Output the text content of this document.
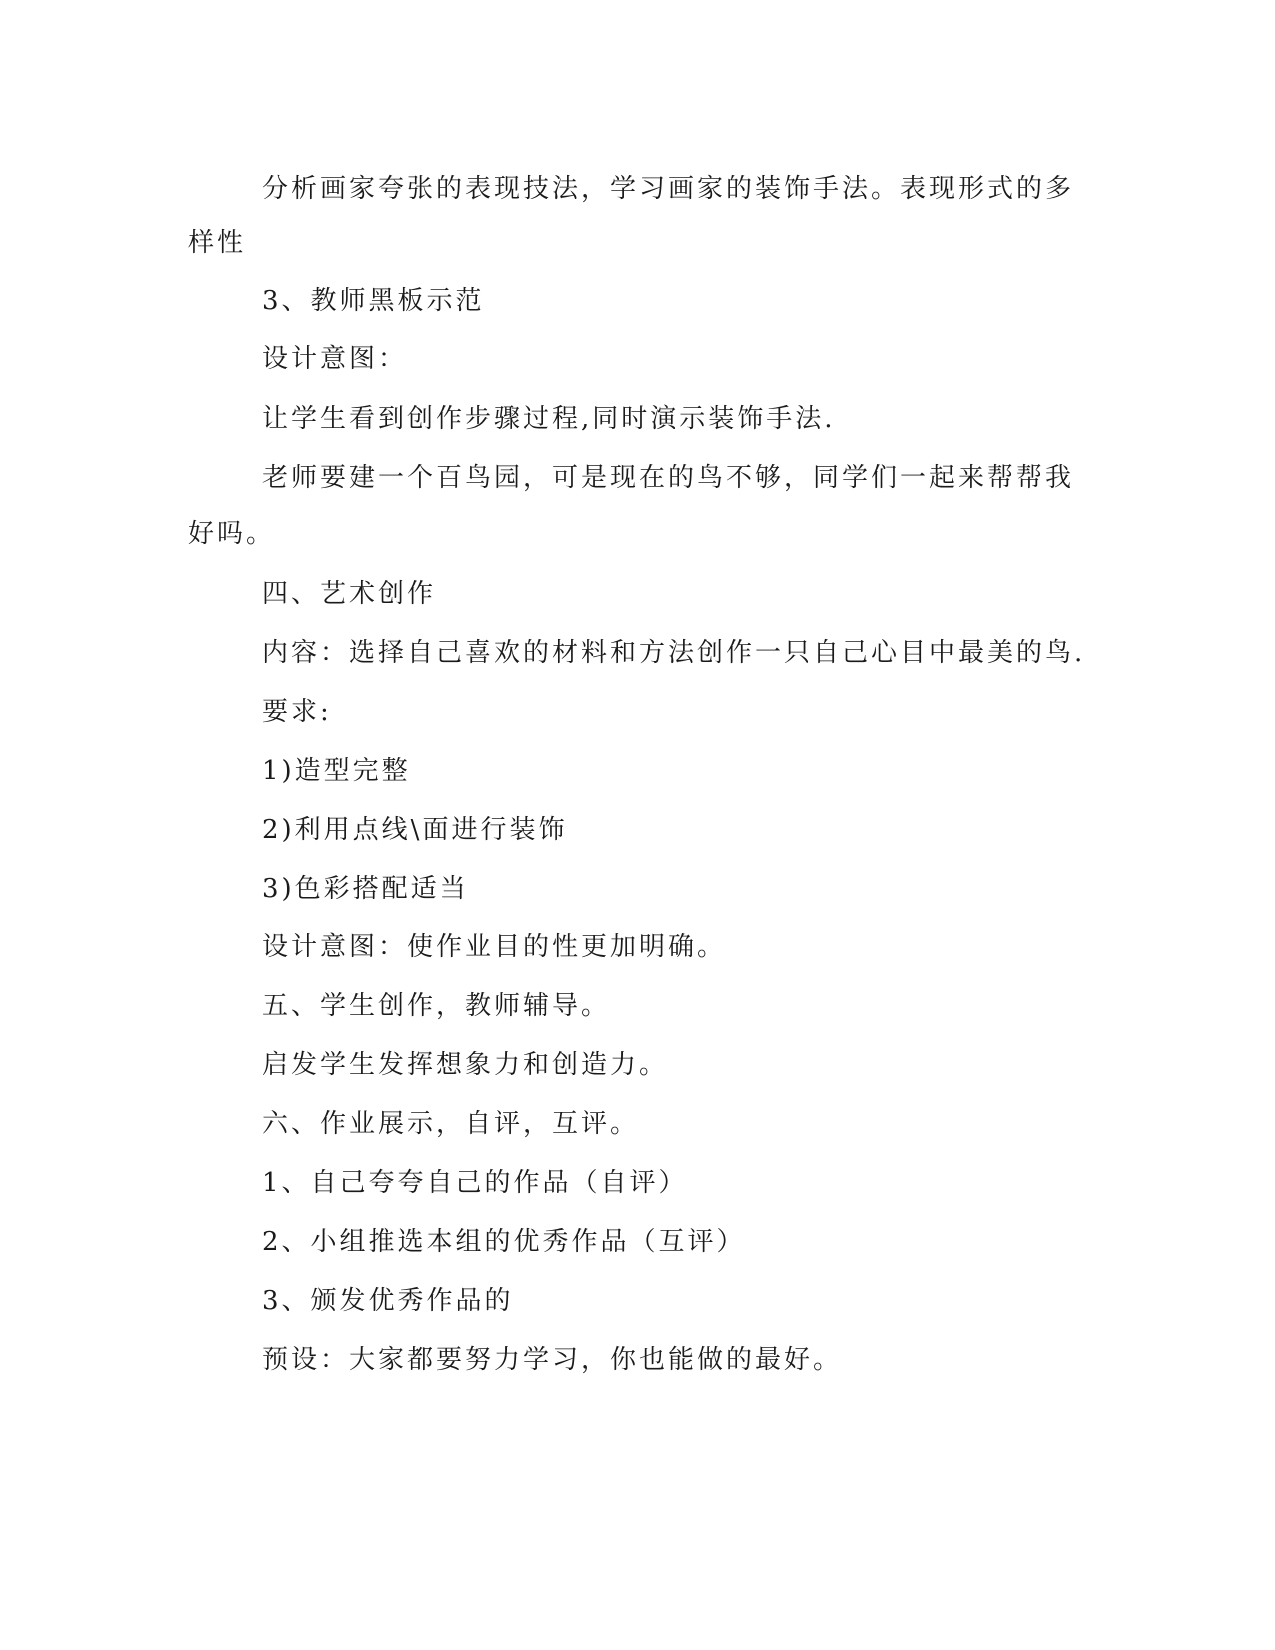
分析画家夸张的表现技法，学习画家的装饰手法。表现形式的多
样性
3、教师黑板示范
设计意图：
让学生看到创作步骤过程,同时演示装饰手法.
老师要建一个百鸟园，可是现在的鸟不够，同学们一起来帮帮我
好吗。
四、艺术创作
内容：选择自己喜欢的材料和方法创作一只自己心目中最美的鸟.
要求:
1)造型完整
2)利用点线\面进行装饰
3)色彩搭配适当
设计意图：使作业目的性更加明确。
五、学生创作，教师辅导。
启发学生发挥想象力和创造力。
六、作业展示，自评，互评。
1、自己夸夸自己的作品（自评）
2、小组推选本组的优秀作品（互评）
3、颁发优秀作品的
预设：大家都要努力学习，你也能做的最好。
